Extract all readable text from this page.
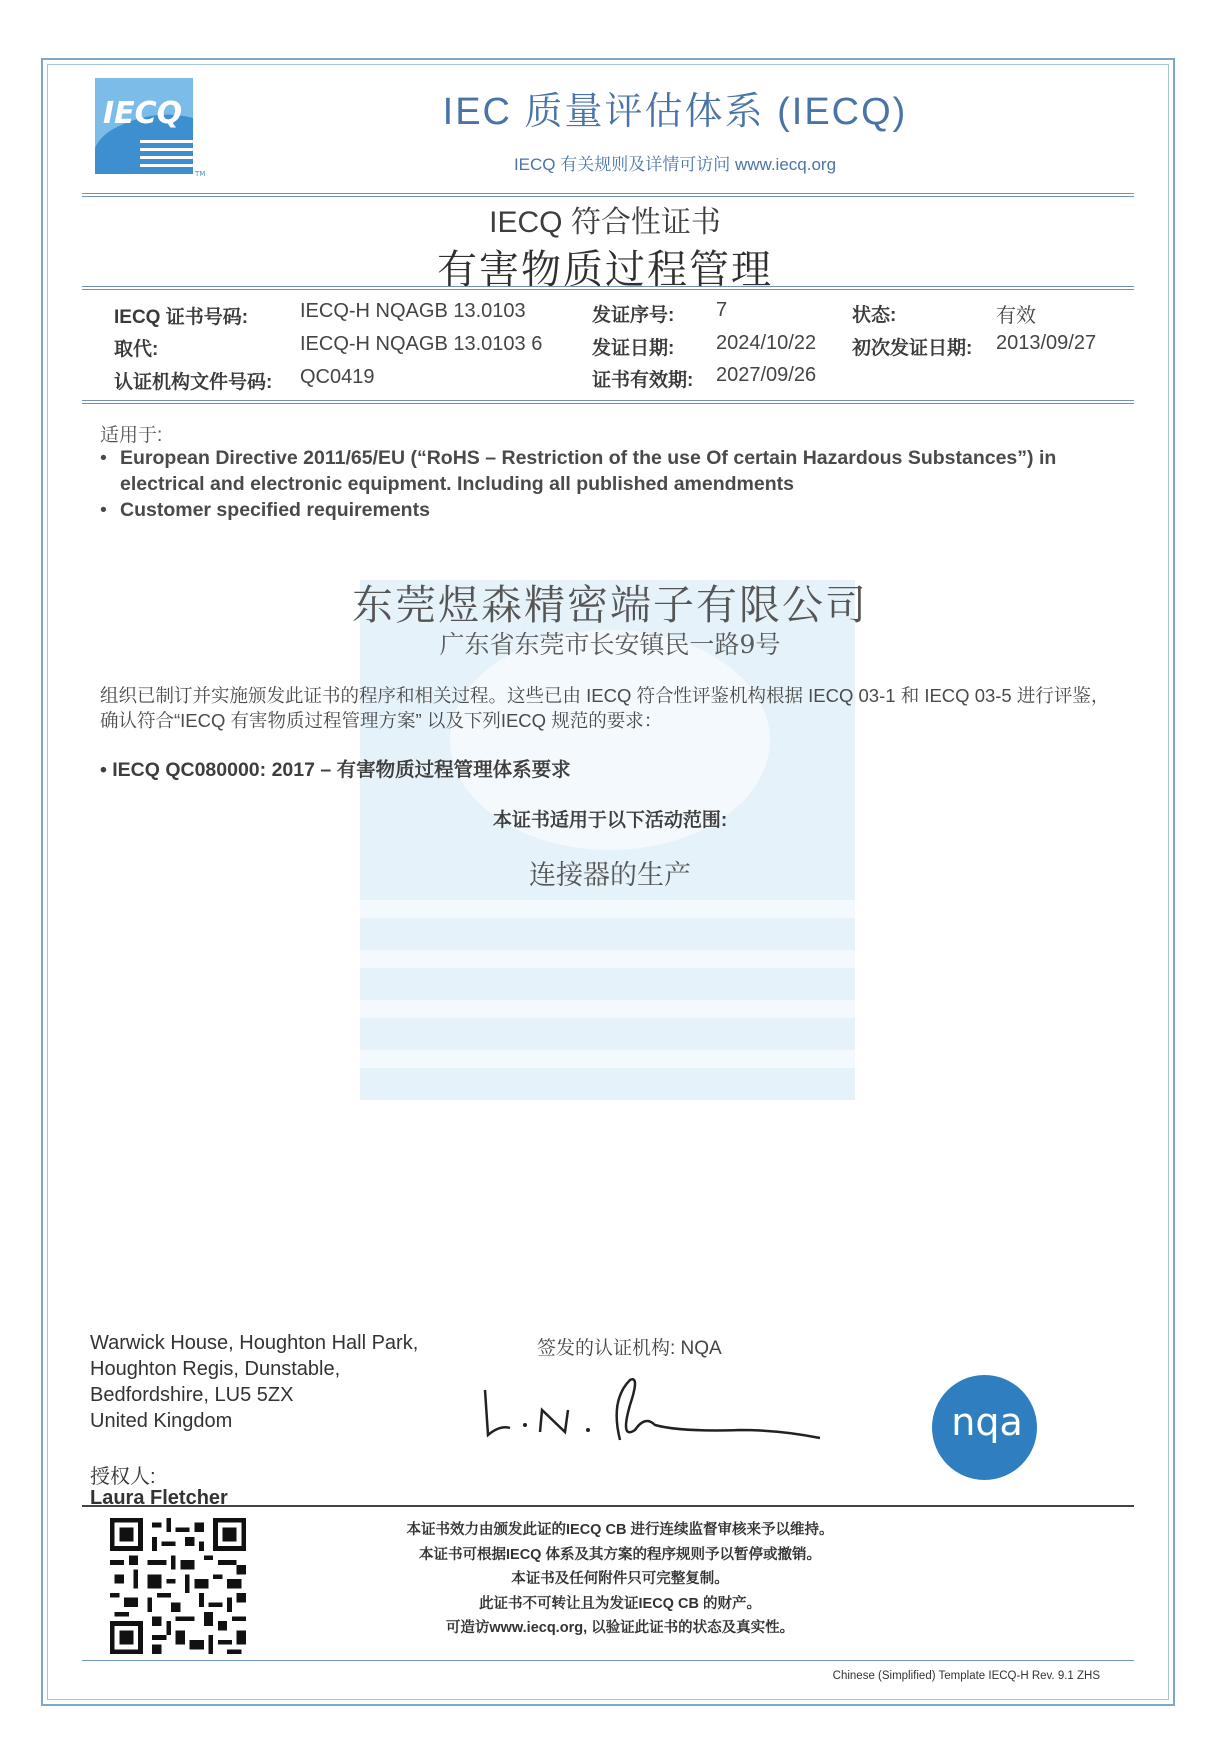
IECQ
TM
IEC 质量评估体系 (IECQ)
IECQ 有关规则及详情可访问 www.iecq.org
IECQ 符合性证书
有害物质过程管理
IECQ 证书号码:	IECQ-H NQAGB 13.0103
取代:	IECQ-H NQAGB 13.0103 6
认证机构文件号码: QC0419
发证序号: 7
发证日期: 2024/10/22
证书有效期: 2027/09/26
状态:	有效
初次发证日期: 2013/09/27
适用于:
• European Directive 2011/65/EU (“RoHS – Restriction of the use Of certain Hazardous Substances”) in electrical and electronic equipment. Including all published amendments
• Customer specified requirements
东莞煜森精密端子有限公司
广东省东莞市长安镇民一路9号
组织已制订并实施颁发此证书的程序和相关过程。这些已由 IECQ 符合性评鉴机构根据 IECQ 03-1 和 IECQ 03-5 进行评鉴，确认符合“IECQ 有害物质过程管理方案” 以及下列IECQ 规范的要求：
• IECQ QC080000: 2017 – 有害物质过程管理体系要求
本证书适用于以下活动范围:
连接器的生产
Warwick House, Houghton Hall Park,
Houghton Regis, Dunstable,
Bedfordshire, LU5 5ZX
United Kingdom
授权人:
Laura Fletcher
签发的认证机构: NQA
nqa
本证书效力由颁发此证的IECQ CB 进行连续监督审核来予以维持。
本证书可根据IECQ 体系及其方案的程序规则予以暂停或撤销。
本证书及任何附件只可完整复制。
此证书不可转让且为发证IECQ CB 的财产。
可造访www.iecq.org, 以验证此证书的状态及真实性。
Chinese (Simplified) Template IECQ-H Rev. 9.1 ZHS
